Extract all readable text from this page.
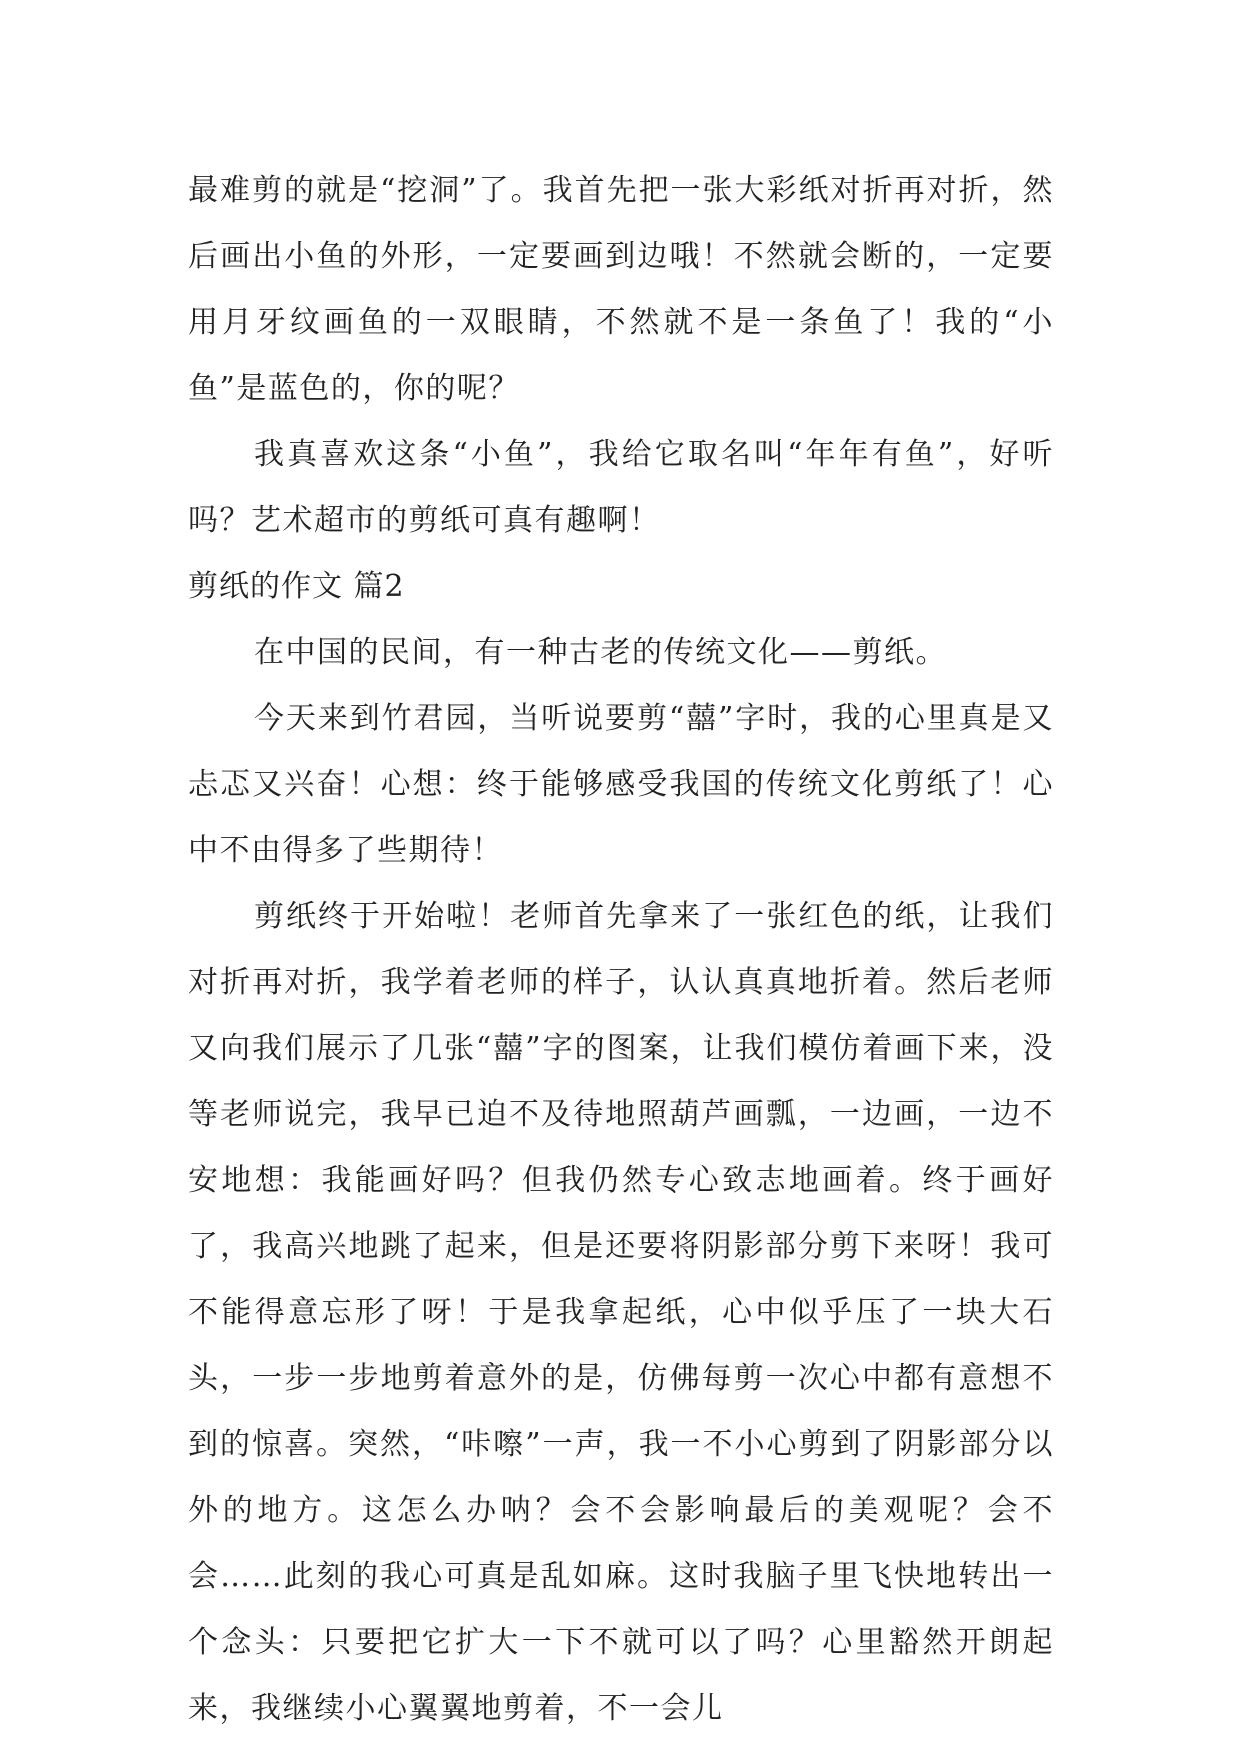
最难剪的就是“挖洞”了。我首先把一张大彩纸对折再对折，然后画出小鱼的外形，一定要画到边哦！不然就会断的，一定要用月牙纹画鱼的一双眼睛，不然就不是一条鱼了！我的“小鱼”是蓝色的，你的呢？

我真喜欢这条“小鱼”，我给它取名叫“年年有鱼”，好听吗？艺术超市的剪纸可真有趣啊！

剪纸的作文 篇2

在中国的民间，有一种古老的传统文化——剪纸。

今天来到竹君园，当听说要剪“囍”字时，我的心里真是又忐忑又兴奋！心想：终于能够感受我国的传统文化剪纸了！心中不由得多了些期待！

剪纸终于开始啦！老师首先拿来了一张红色的纸，让我们对折再对折，我学着老师的样子，认认真真地折着。然后老师又向我们展示了几张“囍”字的图案，让我们模仿着画下来，没等老师说完，我早已迫不及待地照葫芦画瓢，一边画，一边不安地想：我能画好吗？但我仍然专心致志地画着。终于画好了，我高兴地跳了起来，但是还要将阴影部分剪下来呀！我可不能得意忘形了呀！于是我拿起纸，心中似乎压了一块大石头，一步一步地剪着意外的是，仿佛每剪一次心中都有意想不到的惊喜。突然，“咔嚓”一声，我一不小心剪到了阴影部分以外的地方。这怎么办呐？会不会影响最后的美观呢？会不会……此刻的我心可真是乱如麻。这时我脑子里飞快地转出一个念头：只要把它扩大一下不就可以了吗？心里豁然开朗起来，我继续小心翼翼地剪着，不一会儿
